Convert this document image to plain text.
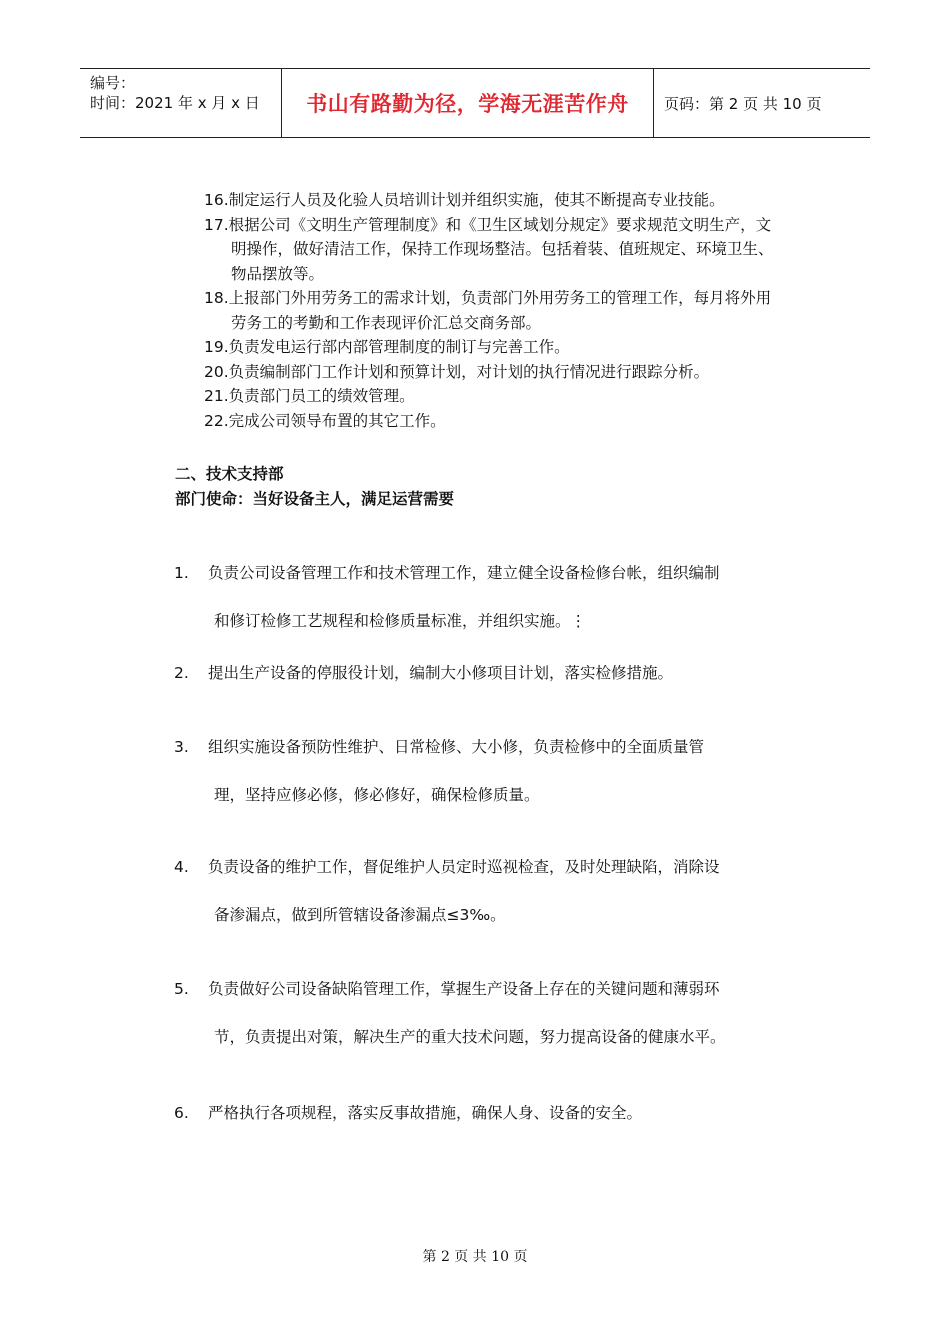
编号：
时间：2021 年 x 月 x 日	书山有路勤为径，学海无涯苦作舟 页码：第 2 页 共 10 页

16.制定运行人员及化验人员培训计划并组织实施，使其不断提高专业技能。

17.根据公司《文明生产管理制度》和《卫生区域划分规定》要求规范文明生产，文明操作，做好清洁工作，保持工作现场整洁。包括着装、值班规定、环境卫生、物品摆放等。

18.上报部门外用劳务工的需求计划，负责部门外用劳务工的管理工作，每月将外用劳务工的考勤和工作表现评价汇总交商务部。

19.负责发电运行部内部管理制度的制订与完善工作。

20.负责编制部门工作计划和预算计划，对计划的执行情况进行跟踪分析。

21.负责部门员工的绩效管理。

22.完成公司领导布置的其它工作。

二、技术支持部
部门使命：当好设备主人，满足运营需要
1.	负责公司设备管理工作和技术管理工作，建立健全设备检修台帐，组织编制
和修订检修工艺规程和检修质量标准，并组织实施。⋮
2.	提出生产设备的停服役计划，编制大小修项目计划，落实检修措施。
3.	组织实施设备预防性维护、日常检修、大小修，负责检修中的全面质量管
理，坚持应修必修，修必修好，确保检修质量。
4.	负责设备的维护工作，督促维护人员定时巡视检查，及时处理缺陷，消除设
备渗漏点，做到所管辖设备渗漏点≤3‰。
5.	负责做好公司设备缺陷管理工作，掌握生产设备上存在的关键问题和薄弱环
节，负责提出对策，解决生产的重大技术问题，努力提高设备的健康水平。
6.	严格执行各项规程，落实反事故措施，确保人身、设备的安全。
第 2 页 共 10 页
